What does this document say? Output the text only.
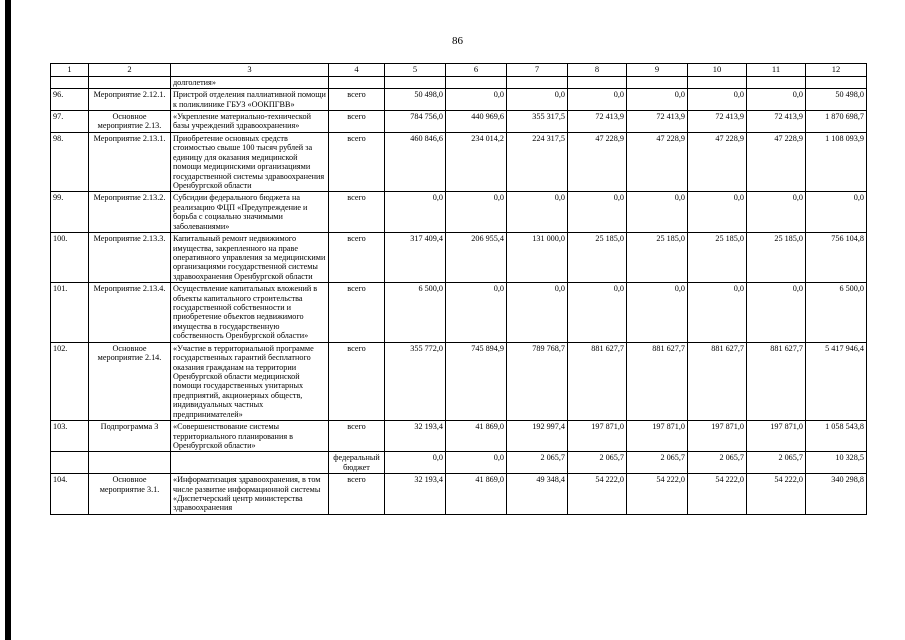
86
1	2	3	4	5	6	7	8	9	10	11	12
		долголетия»									
96.	Мероприятие 2.12.1.	Пристрой отделения паллиативной помощи к поликлинике ГБУЗ «ООКПГВВ»	всего	50 498,0	0,0	0,0	0,0	0,0	0,0	0,0	50 498,0
97.	Основное мероприятие 2.13.	«Укрепление материально-технической базы учреждений здравоохранения»	всего	784 756,0	440 969,6	355 317,5	72 413,9	72 413,9	72 413,9	72 413,9	1 870 698,7
98.	Мероприятие 2.13.1.	Приобретение основных средств стоимостью свыше 100 тысяч рублей за единицу для оказания медицинской помощи медицинскими организациями государственной системы здравоохранения Оренбургской области	всего	460 846,6	234 014,2	224 317,5	47 228,9	47 228,9	47 228,9	47 228,9	1 108 093,9
99.	Мероприятие 2.13.2.	Субсидии федерального бюджета на реализацию ФЦП «Предупреждение и борьба с социально значимыми заболеваниями»	всего	0,0	0,0	0,0	0,0	0,0	0,0	0,0	0,0
100.	Мероприятие 2.13.3.	Капитальный ремонт недвижимого имущества, закрепленного на праве оперативного управления за медицинскими организациями государственной системы здравоохранения Оренбургской области	всего	317 409,4	206 955,4	131 000,0	25 185,0	25 185,0	25 185,0	25 185,0	756 104,8
101.	Мероприятие 2.13.4.	Осуществление капитальных вложений в объекты капитального строительства государственной собственности и приобретение объектов недвижимого имущества в государственную собственность Оренбургской области»	всего	6 500,0	0,0	0,0	0,0	0,0	0,0	0,0	6 500,0
102.	Основное мероприятие 2.14.	«Участие в территориальной программе государственных гарантий бесплатного оказания гражданам на территории Оренбургской области медицинской помощи государственных унитарных предприятий, акционерных обществ, индивидуальных частных предпринимателей»	всего	355 772,0	745 894,9	789 768,7	881 627,7	881 627,7	881 627,7	881 627,7	5 417 946,4
103.	Подпрограмма 3	«Совершенствование системы территориального планирования в Оренбургской области»	всего	32 193,4	41 869,0	192 997,4	197 871,0	197 871,0	197 871,0	197 871,0	1 058 543,8
			федеральный бюджет	0,0	0,0	2 065,7	2 065,7	2 065,7	2 065,7	2 065,7	10 328,5
104.	Основное мероприятие 3.1.	«Информатизация здравоохранения, в том числе развитие информационной системы «Диспетчерский центр министерства здравоохранения	всего	32 193,4	41 869,0	49 348,4	54 222,0	54 222,0	54 222,0	54 222,0	340 298,8
